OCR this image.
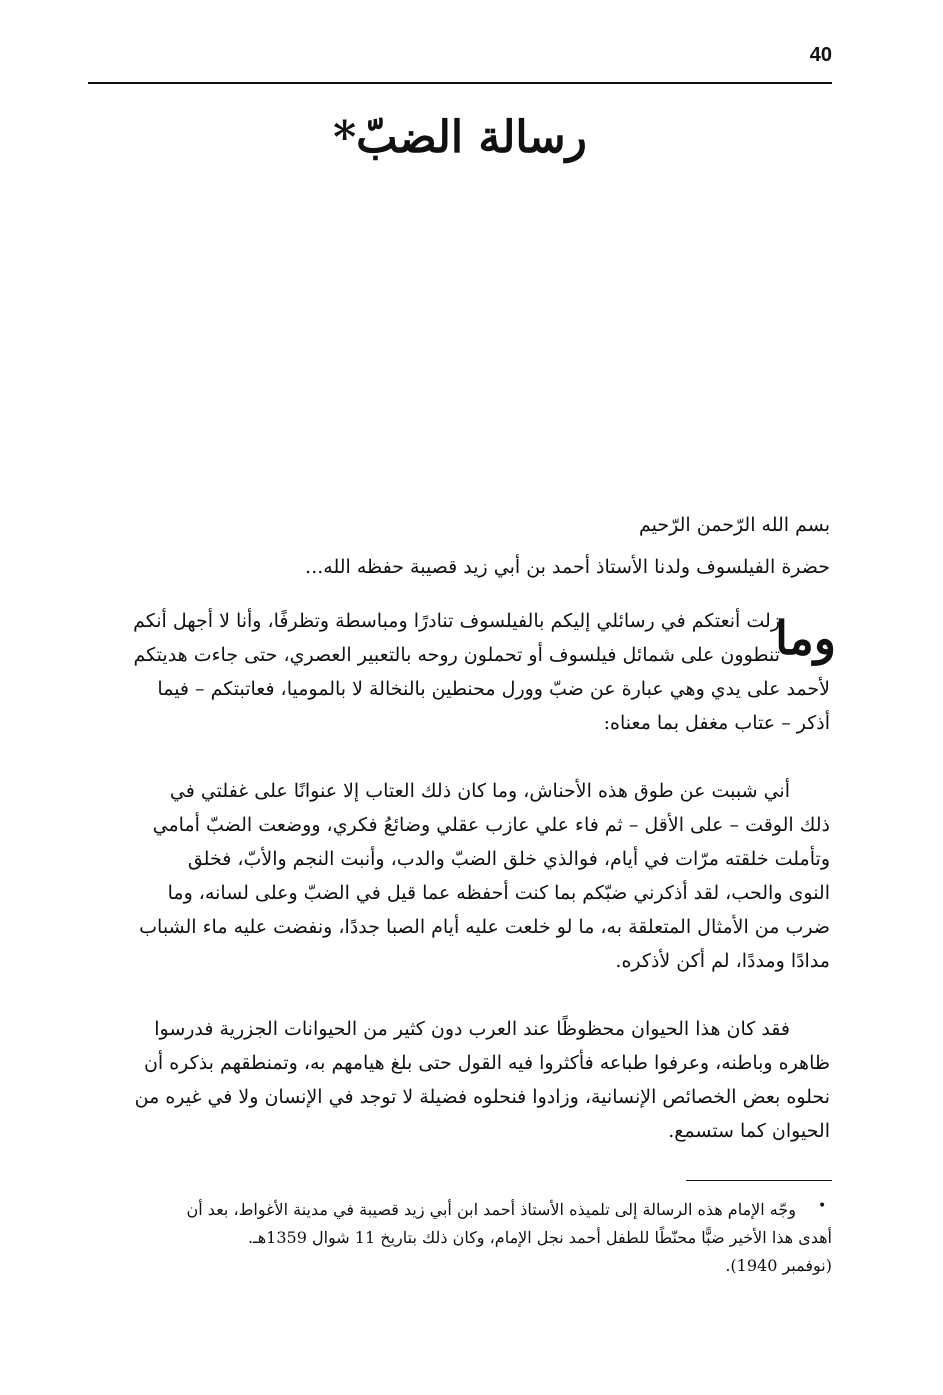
40
رسالة الضبّ*
بسم الله الرّحمن الرّحيم
حضرة الفيلسوف ولدنا الأستاذ أحمد بن أبي زيد قصيبة حفظه الله...
وما
زلت أنعتكم في رسائلي إليكم بالفيلسوف تنادرًا ومباسطة وتظرفًا، وأنا لا أجهل أنكم
تنطوون على شمائل فيلسوف أو تحملون روحه بالتعبير العصري، حتى جاءت هديتكم
لأحمد على يدي وهي عبارة عن ضبّ وورل محنطين بالنخالة لا بالموميا، فعاتبتكم – فيما
أذكر – عتاب مغفل بما معناه:
أني شببت عن طوق هذه الأحناش، وما كان ذلك العتاب إلا عنوانًا على غفلتي في
ذلك الوقت – على الأقل – ثم فاء علي عازب عقلي وضائعُ فكري، ووضعت الضبّ أمامي
وتأملت خلقته مرّات في أيام، فوالذي خلق الضبّ والدب، وأنبت النجم والأبّ، فخلق
النوى والحب، لقد أذكرني ضبّكم بما كنت أحفظه عما قيل في الضبّ وعلى لسانه، وما
ضرب من الأمثال المتعلقة به، ما لو خلعت عليه أيام الصبا جددًا، ونفضت عليه ماء الشباب
مدادًا ومددًا، لم أكن لأذكره.
فقد كان هذا الحيوان محظوظًا عند العرب دون كثير من الحيوانات الجزرية فدرسوا
ظاهره وباطنه، وعرفوا طباعه فأكثروا فيه القول حتى بلغ هيامهم به، وتمنطقهم بذكره أن
نحلوه بعض الخصائص الإنسانية، وزادوا فنحلوه فضيلة لا توجد في الإنسان ولا في غيره من
الحيوان كما ستسمع.
•
وجّه الإمام هذه الرسالة إلى تلميذه الأستاذ أحمد ابن أبي زيد قصيبة في مدينة الأغواط، بعد أن
أهدى هذا الأخير ضبًّا محنّطًا للطفل أحمد نجل الإمام، وكان ذلك بتاريخ 11 شوال 1359هـ.
(نوفمبر 1940).
